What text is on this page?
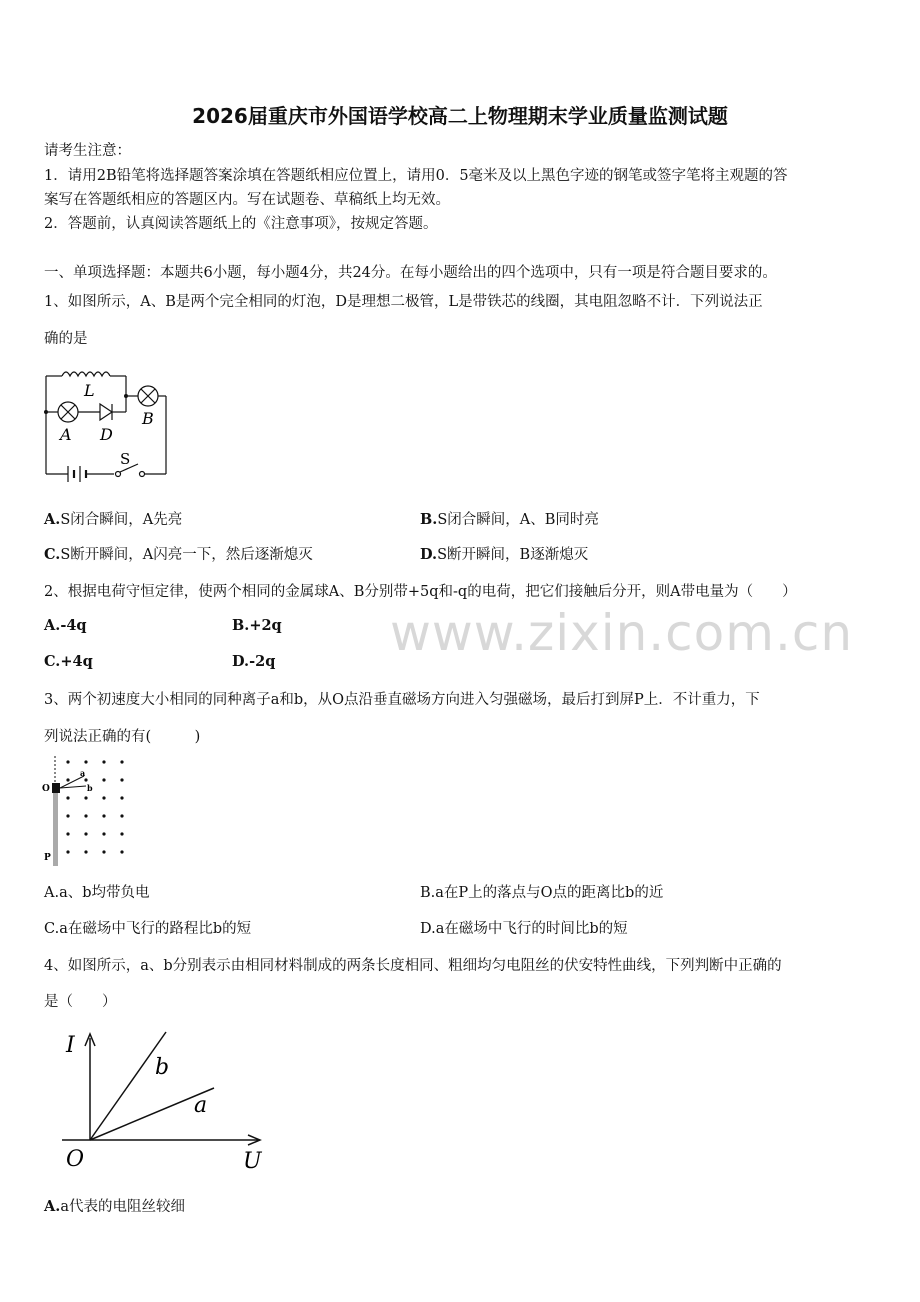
2026届重庆市外国语学校高二上物理期末学业质量监测试题
请考生注意：
1．请用2B铅笔将选择题答案涂填在答题纸相应位置上，请用0．5毫米及以上黑色字迹的钢笔或签字笔将主观题的答
案写在答题纸相应的答题区内。写在试题卷、草稿纸上均无效。
2．答题前，认真阅读答题纸上的《注意事项》，按规定答题。
一、单项选择题：本题共6小题，每小题4分，共24分。在每小题给出的四个选项中，只有一项是符合题目要求的。
1、如图所示，A、B是两个完全相同的灯泡，D是理想二极管，L是带铁芯的线圈，其电阻忽略不计．下列说法正
确的是
L
A D
B
S
A.S闭合瞬间，A先亮	B.S闭合瞬间，A、B同时亮
C.S断开瞬间，A闪亮一下，然后逐渐熄灭	D.S断开瞬间，B逐渐熄灭
2、根据电荷守恒定律，使两个相同的金属球A、B分别带+5q和-q的电荷，把它们接触后分开，则A带电量为（　　）
A.-4q	B.+2q
C.+4q	D.-2q www.zixin.com.cn
3、两个初速度大小相同的同种离子a和b，从O点沿垂直磁场方向进入匀强磁场，最后打到屏P上．不计重力，下
列说法正确的有(　　　)
O
P
a
b
A.a、b均带负电	B.a在P上的落点与O点的距离比b的近
C.a在磁场中飞行的路程比b的短	D.a在磁场中飞行的时间比b的短
4、如图所示，a、b分别表示由相同材料制成的两条长度相同、粗细均匀电阻丝的伏安特性曲线，下列判断中正确的
是（　　）
I
U
O
b
a
A.a代表的电阻丝较细
